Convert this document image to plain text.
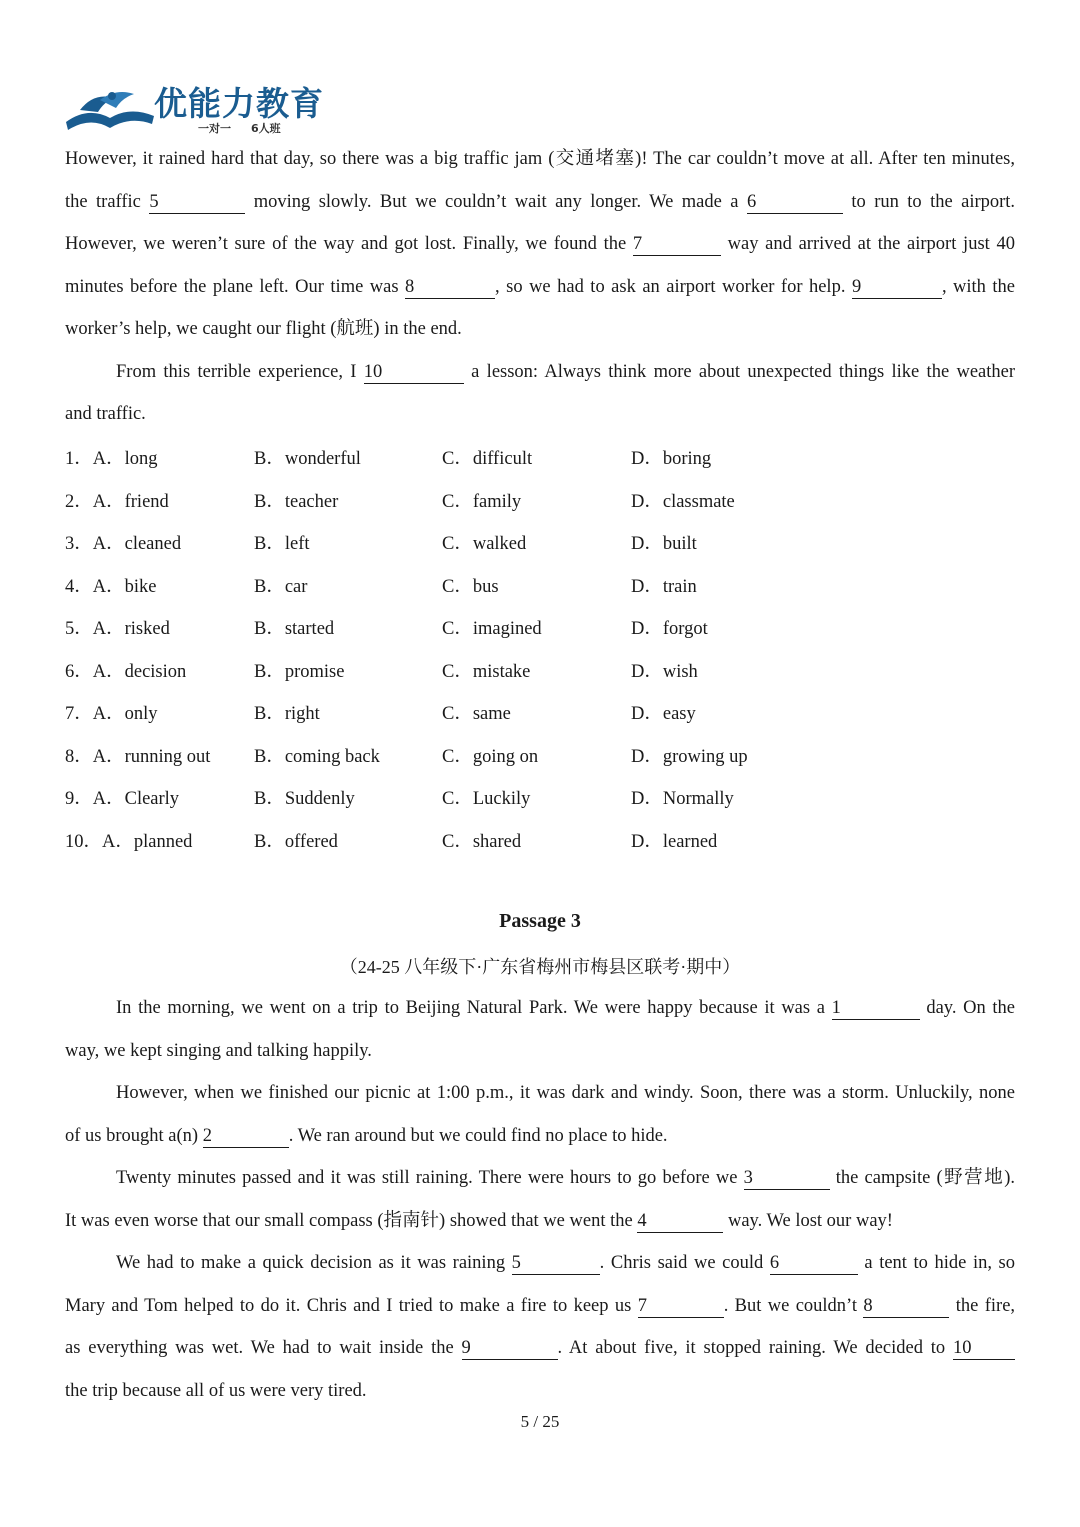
优能力教育
一对一 6人班
However, it rained hard that day, so there was a big traffic jam (交通堵塞)! The car couldn’t move at all. After ten minutes,
the traffic 5	moving slowly. But we couldn’t wait any longer. We made a 6	to run to the airport.
However, we weren’t sure of the way and got lost. Finally, we found the 7	way and arrived at the airport just 40
minutes before the plane left. Our time was 8	, so we had to ask an airport worker for help. 9	, with the
worker’s help, we caught our flight (航班) in the end.
From this terrible experience, I 10	a lesson: Always think more about unexpected things like the weather
and traffic.
1．A．long	B．wonderful	C．difficult	D．boring
2．A．friend	B．teacher	C．family	D．classmate
3．A．cleaned	B．left	C．walked	D．built
4．A．bike	B．car	C．bus	D．train
5．A．risked	B．started	C．imagined	D．forgot
6．A．decision	B．promise	C．mistake	D．wish
7．A．only	B．right	C．same	D．easy
8．A．running out B．coming back	C．going on	D．growing up
9．A．Clearly	B．Suddenly	C．Luckily	D．Normally
10．A．planned	B．offered	C．shared	D．learned
Passage 3
（24-25 八年级下·广东省梅州市梅县区联考·期中）
In the morning, we went on a trip to Beijing Natural Park. We were happy because it was a 1	day. On the
way, we kept singing and talking happily.
However, when we finished our picnic at 1:00 p.m., it was dark and windy. Soon, there was a storm. Unluckily, none
of us brought a(n) 2	. We ran around but we could find no place to hide.
Twenty minutes passed and it was still raining. There were hours to go before we 3	the campsite (野营地).
It was even worse that our small compass (指南针) showed that we went the 4	way. We lost our way!
We had to make a quick decision as it was raining 5	. Chris said we could 6	a tent to hide in, so
Mary and Tom helped to do it. Chris and I tried to make a fire to keep us 7	. But we couldn’t 8	the fire,
as everything was wet. We had to wait inside the 9	. At about five, it stopped raining. We decided to 10
the trip because all of us were very tired.
5 / 25
